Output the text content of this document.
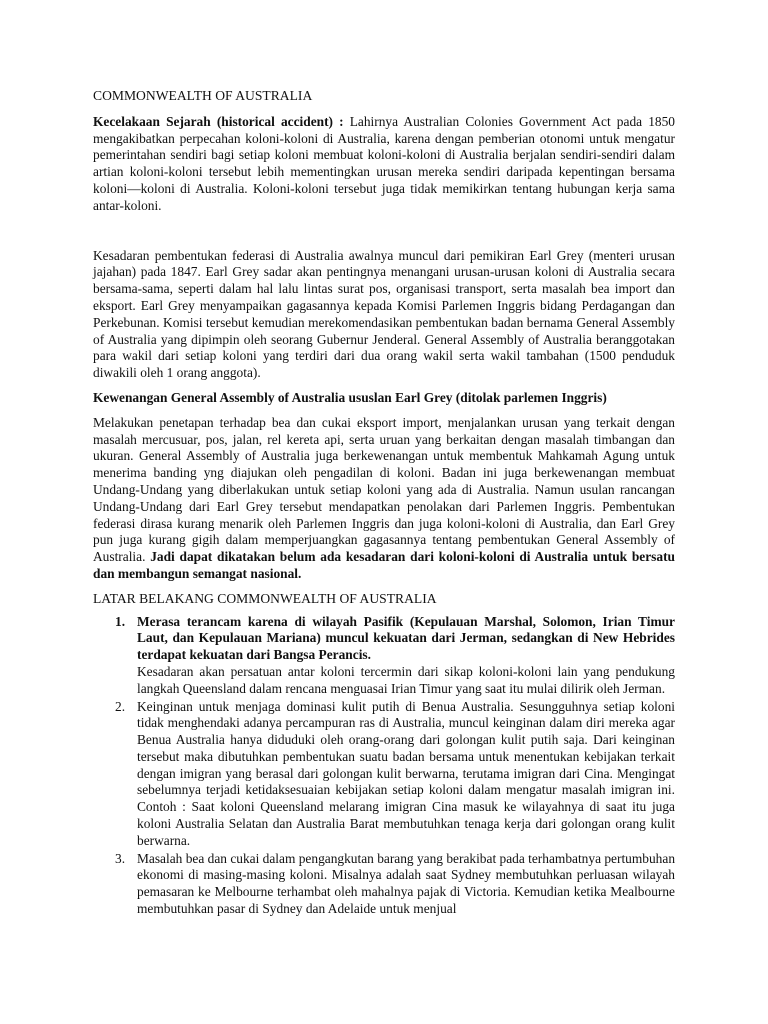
COMMONWEALTH OF AUSTRALIA

Kecelakaan Sejarah (historical accident) : Lahirnya Australian Colonies Government Act pada 1850 mengakibatkan perpecahan koloni-koloni di Australia, karena dengan pemberian otonomi untuk mengatur pemerintahan sendiri bagi setiap koloni membuat koloni-koloni di Australia berjalan sendiri-sendiri dalam artian koloni-koloni tersebut lebih mementingkan urusan mereka sendiri daripada kepentingan bersama koloni—koloni di Australia. Koloni-koloni tersebut juga tidak memikirkan tentang hubungan kerja sama antar-koloni.

Kesadaran pembentukan federasi di Australia awalnya muncul dari pemikiran Earl Grey (menteri urusan jajahan) pada 1847. Earl Grey sadar akan pentingnya menangani urusan-urusan koloni di Australia secara bersama-sama, seperti dalam hal lalu lintas surat pos, organisasi transport, serta masalah bea import dan eksport. Earl Grey menyampaikan gagasannya kepada Komisi Parlemen Inggris bidang Perdagangan dan Perkebunan. Komisi tersebut kemudian merekomendasikan pembentukan badan bernama General Assembly of Australia yang dipimpin oleh seorang Gubernur Jenderal. General Assembly of Australia beranggotakan para wakil dari setiap koloni yang terdiri dari dua orang wakil serta wakil tambahan (1500 penduduk diwakili oleh 1 orang anggota).

Kewenangan General Assembly of Australia ususlan Earl Grey (ditolak parlemen Inggris)

Melakukan penetapan terhadap bea dan cukai eksport import, menjalankan urusan yang terkait dengan masalah mercusuar, pos, jalan, rel kereta api, serta uruan yang berkaitan dengan masalah timbangan dan ukuran. General Assembly of Australia juga berkewenangan untuk membentuk Mahkamah Agung untuk menerima banding yng diajukan oleh pengadilan di koloni. Badan ini juga berkewenangan membuat Undang-Undang yang diberlakukan untuk setiap koloni yang ada di Australia. Namun usulan rancangan Undang-Undang dari Earl Grey tersebut mendapatkan penolakan dari Parlemen Inggris. Pembentukan federasi dirasa kurang menarik oleh Parlemen Inggris dan juga koloni-koloni di Australia, dan Earl Grey pun juga kurang gigih dalam memperjuangkan gagasannya tentang pembentukan General Assembly of Australia. Jadi dapat dikatakan belum ada kesadaran dari koloni-koloni di Australia untuk bersatu dan membangun semangat nasional.

LATAR BELAKANG COMMONWEALTH OF AUSTRALIA

1. Merasa terancam karena di wilayah Pasifik (Kepulauan Marshal, Solomon, Irian Timur Laut, dan Kepulauan Mariana) muncul kekuatan dari Jerman, sedangkan di New Hebrides terdapat kekuatan dari Bangsa Perancis.
Kesadaran akan persatuan antar koloni tercermin dari sikap koloni-koloni lain yang pendukung langkah Queensland dalam rencana menguasai Irian Timur yang saat itu mulai dilirik oleh Jerman.
2. Keinginan untuk menjaga dominasi kulit putih di Benua Australia. Sesungguhnya setiap koloni tidak menghendaki adanya percampuran ras di Australia, muncul keinginan dalam diri mereka agar Benua Australia hanya diduduki oleh orang-orang dari golongan kulit putih saja. Dari keinginan tersebut maka dibutuhkan pembentukan suatu badan bersama untuk menentukan kebijakan terkait dengan imigran yang berasal dari golongan kulit berwarna, terutama imigran dari Cina. Mengingat sebelumnya terjadi ketidaksesuaian kebijakan setiap koloni dalam mengatur masalah imigran ini. Contoh : Saat koloni Queensland melarang imigran Cina masuk ke wilayahnya di saat itu juga koloni Australia Selatan dan Australia Barat membutuhkan tenaga kerja dari golongan orang kulit berwarna.
3. Masalah bea dan cukai dalam pengangkutan barang yang berakibat pada terhambatnya pertumbuhan ekonomi di masing-masing koloni. Misalnya adalah saat Sydney membutuhkan perluasan wilayah pemasaran ke Melbourne terhambat oleh mahalnya pajak di Victoria. Kemudian ketika Mealbourne membutuhkan pasar di Sydney dan Adelaide untuk menjual
